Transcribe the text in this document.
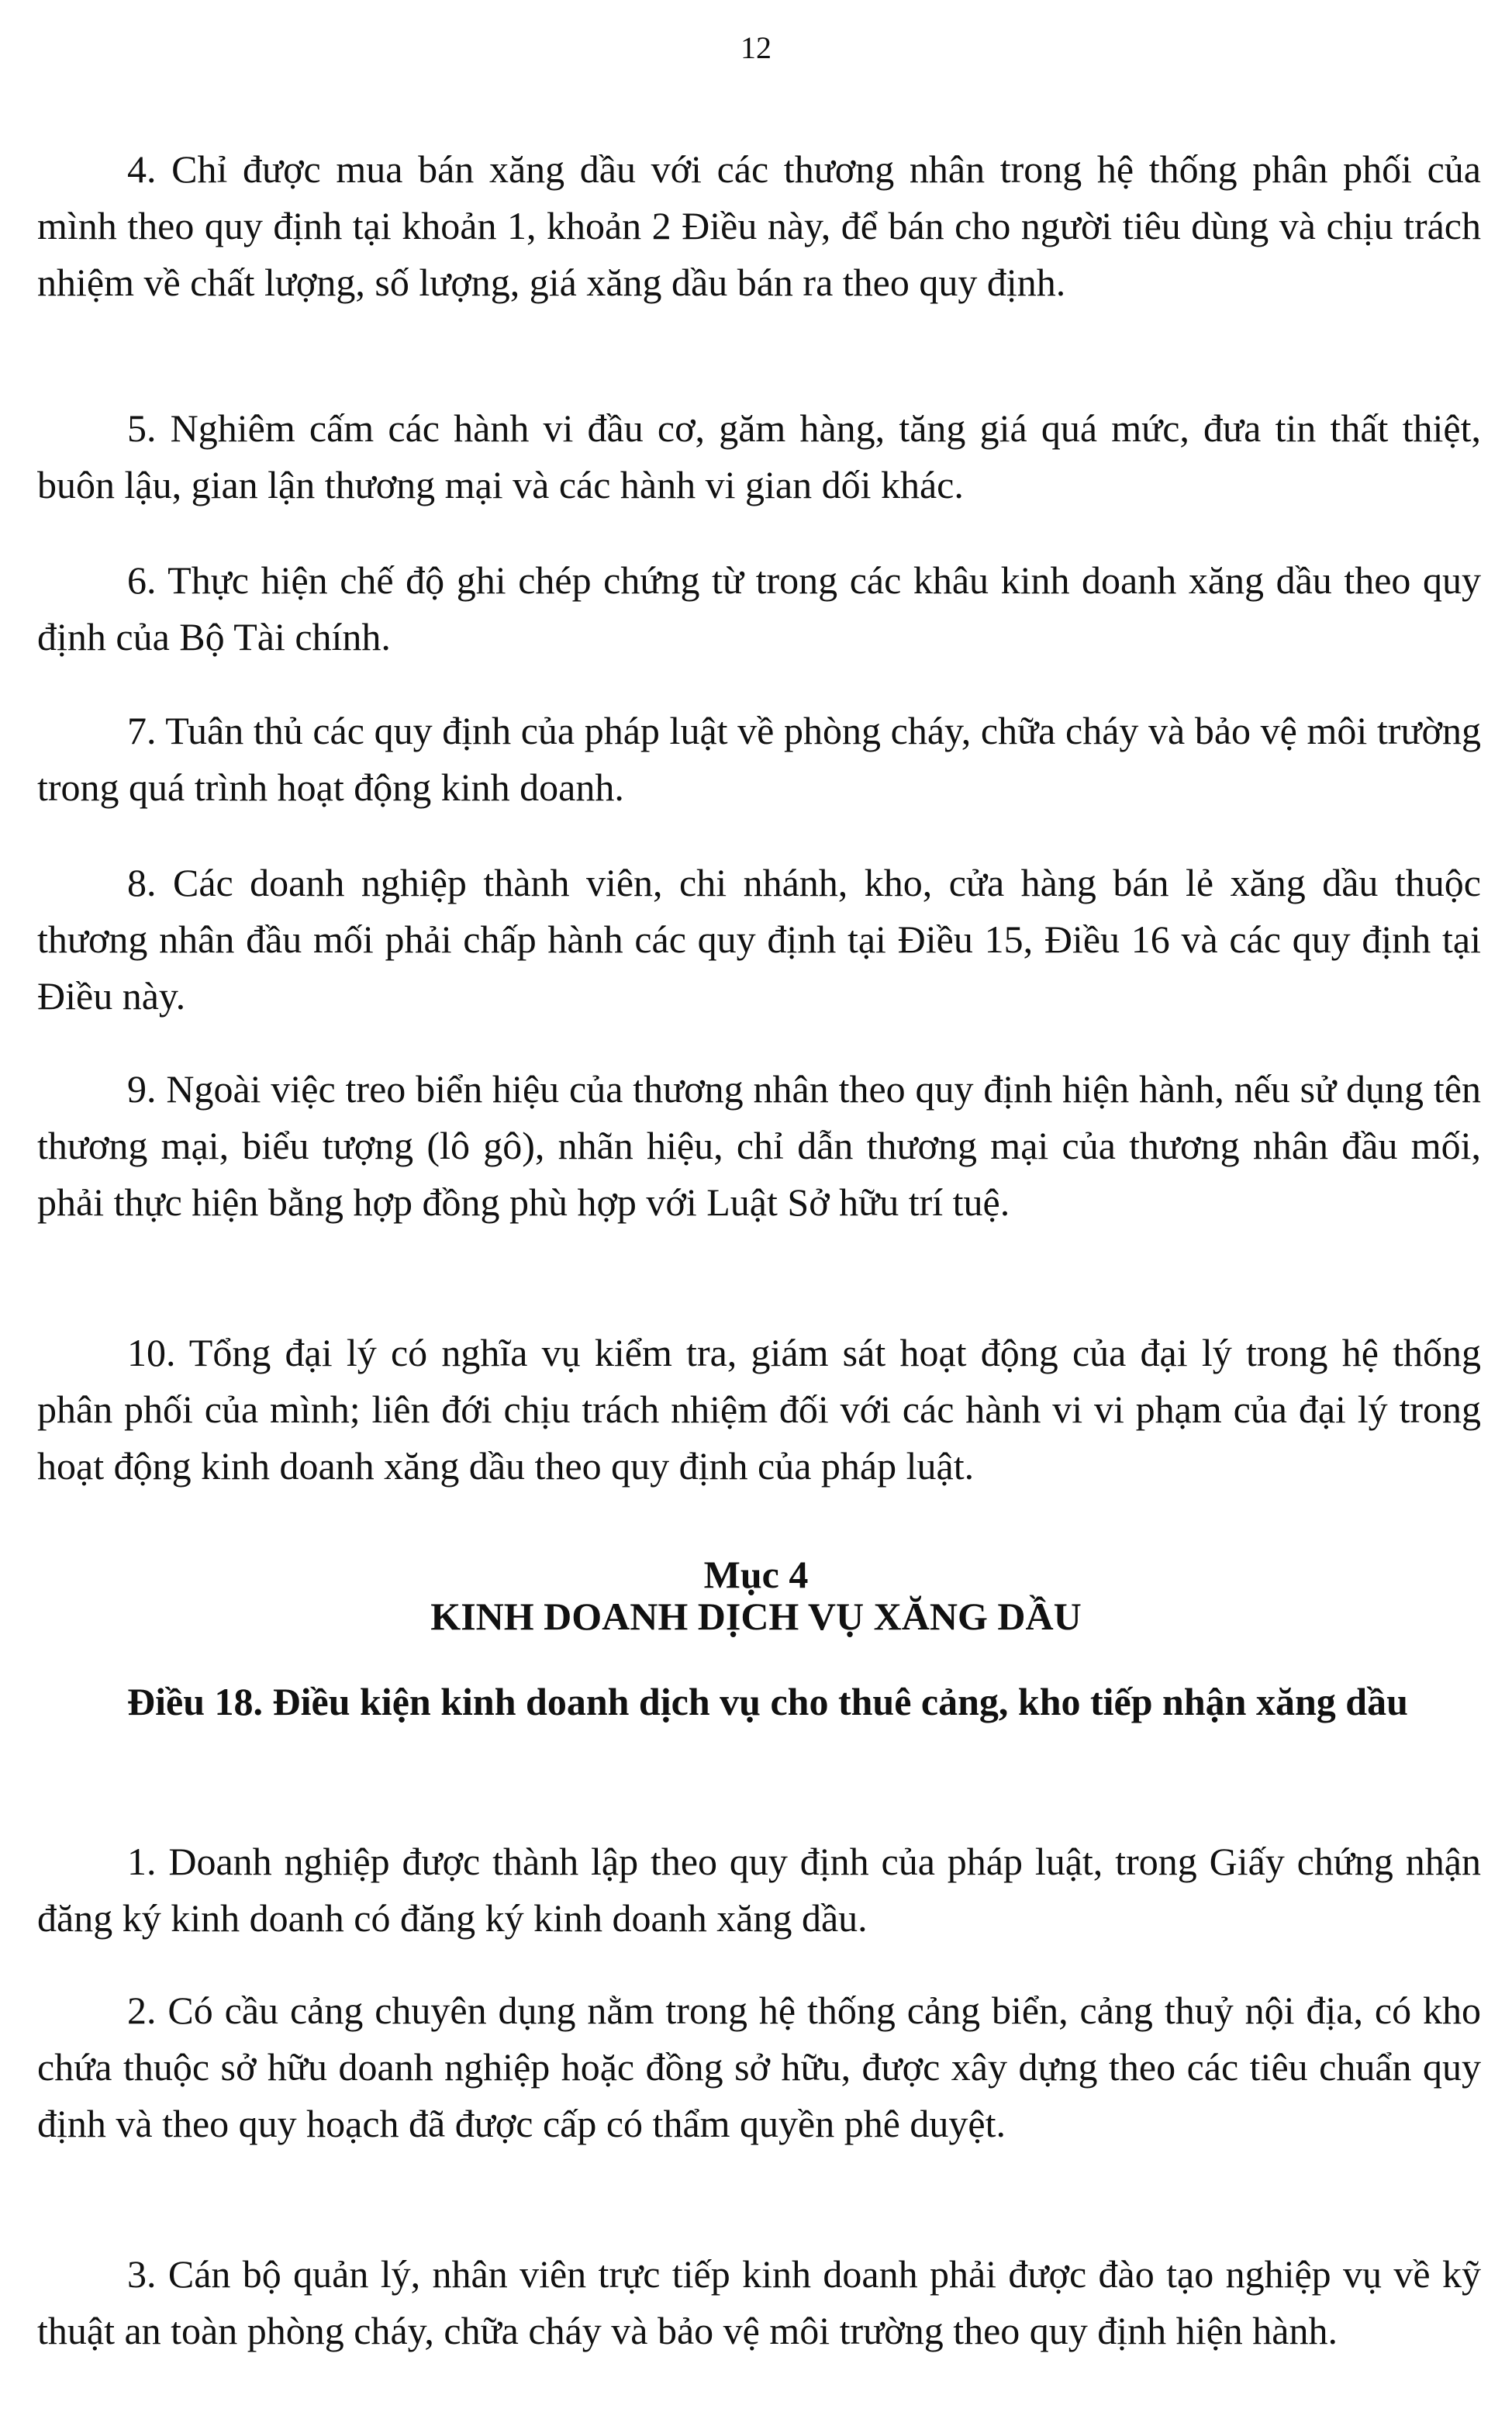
12

4. Chỉ được mua bán xăng dầu với các thương nhân trong hệ thống phân phối của mình theo quy định tại khoản 1, khoản 2 Điều này, để bán cho người tiêu dùng và chịu trách nhiệm về chất lượng, số lượng, giá xăng dầu bán ra theo quy định.

5. Nghiêm cấm các hành vi đầu cơ, găm hàng, tăng giá quá mức, đưa tin thất thiệt, buôn lậu, gian lận thương mại và các hành vi gian dối khác.

6. Thực hiện chế độ ghi chép chứng từ trong các khâu kinh doanh xăng dầu theo quy định của Bộ Tài chính.

7. Tuân thủ các quy định của pháp luật về phòng cháy, chữa cháy và bảo vệ môi trường trong quá trình hoạt động kinh doanh.

8. Các doanh nghiệp thành viên, chi nhánh, kho, cửa hàng bán lẻ xăng dầu thuộc thương nhân đầu mối phải chấp hành các quy định tại Điều 15, Điều 16 và các quy định tại Điều này.

9. Ngoài việc treo biển hiệu của thương nhân theo quy định hiện hành, nếu sử dụng tên thương mại, biểu tượng (lô gô), nhãn hiệu, chỉ dẫn thương mại của thương nhân đầu mối, phải thực hiện bằng hợp đồng phù hợp với Luật Sở hữu trí tuệ.

10. Tổng đại lý có nghĩa vụ kiểm tra, giám sát hoạt động của đại lý trong hệ thống phân phối của mình; liên đới chịu trách nhiệm đối với các hành vi vi phạm của đại lý trong hoạt động kinh doanh xăng dầu theo quy định của pháp luật.

Mục 4

KINH DOANH DỊCH VỤ XĂNG DẦU

Điều 18. Điều kiện kinh doanh dịch vụ cho thuê cảng, kho tiếp nhận xăng dầu

1. Doanh nghiệp được thành lập theo quy định của pháp luật, trong Giấy chứng nhận đăng ký kinh doanh có đăng ký kinh doanh xăng dầu.

2. Có cầu cảng chuyên dụng nằm trong hệ thống cảng biển, cảng thuỷ nội địa, có kho chứa thuộc sở hữu doanh nghiệp hoặc đồng sở hữu, được xây dựng theo các tiêu chuẩn quy định và theo quy hoạch đã được cấp có thẩm quyền phê duyệt.

3. Cán bộ quản lý, nhân viên trực tiếp kinh doanh phải được đào tạo nghiệp vụ về kỹ thuật an toàn phòng cháy, chữa cháy và bảo vệ môi trường theo quy định hiện hành.
